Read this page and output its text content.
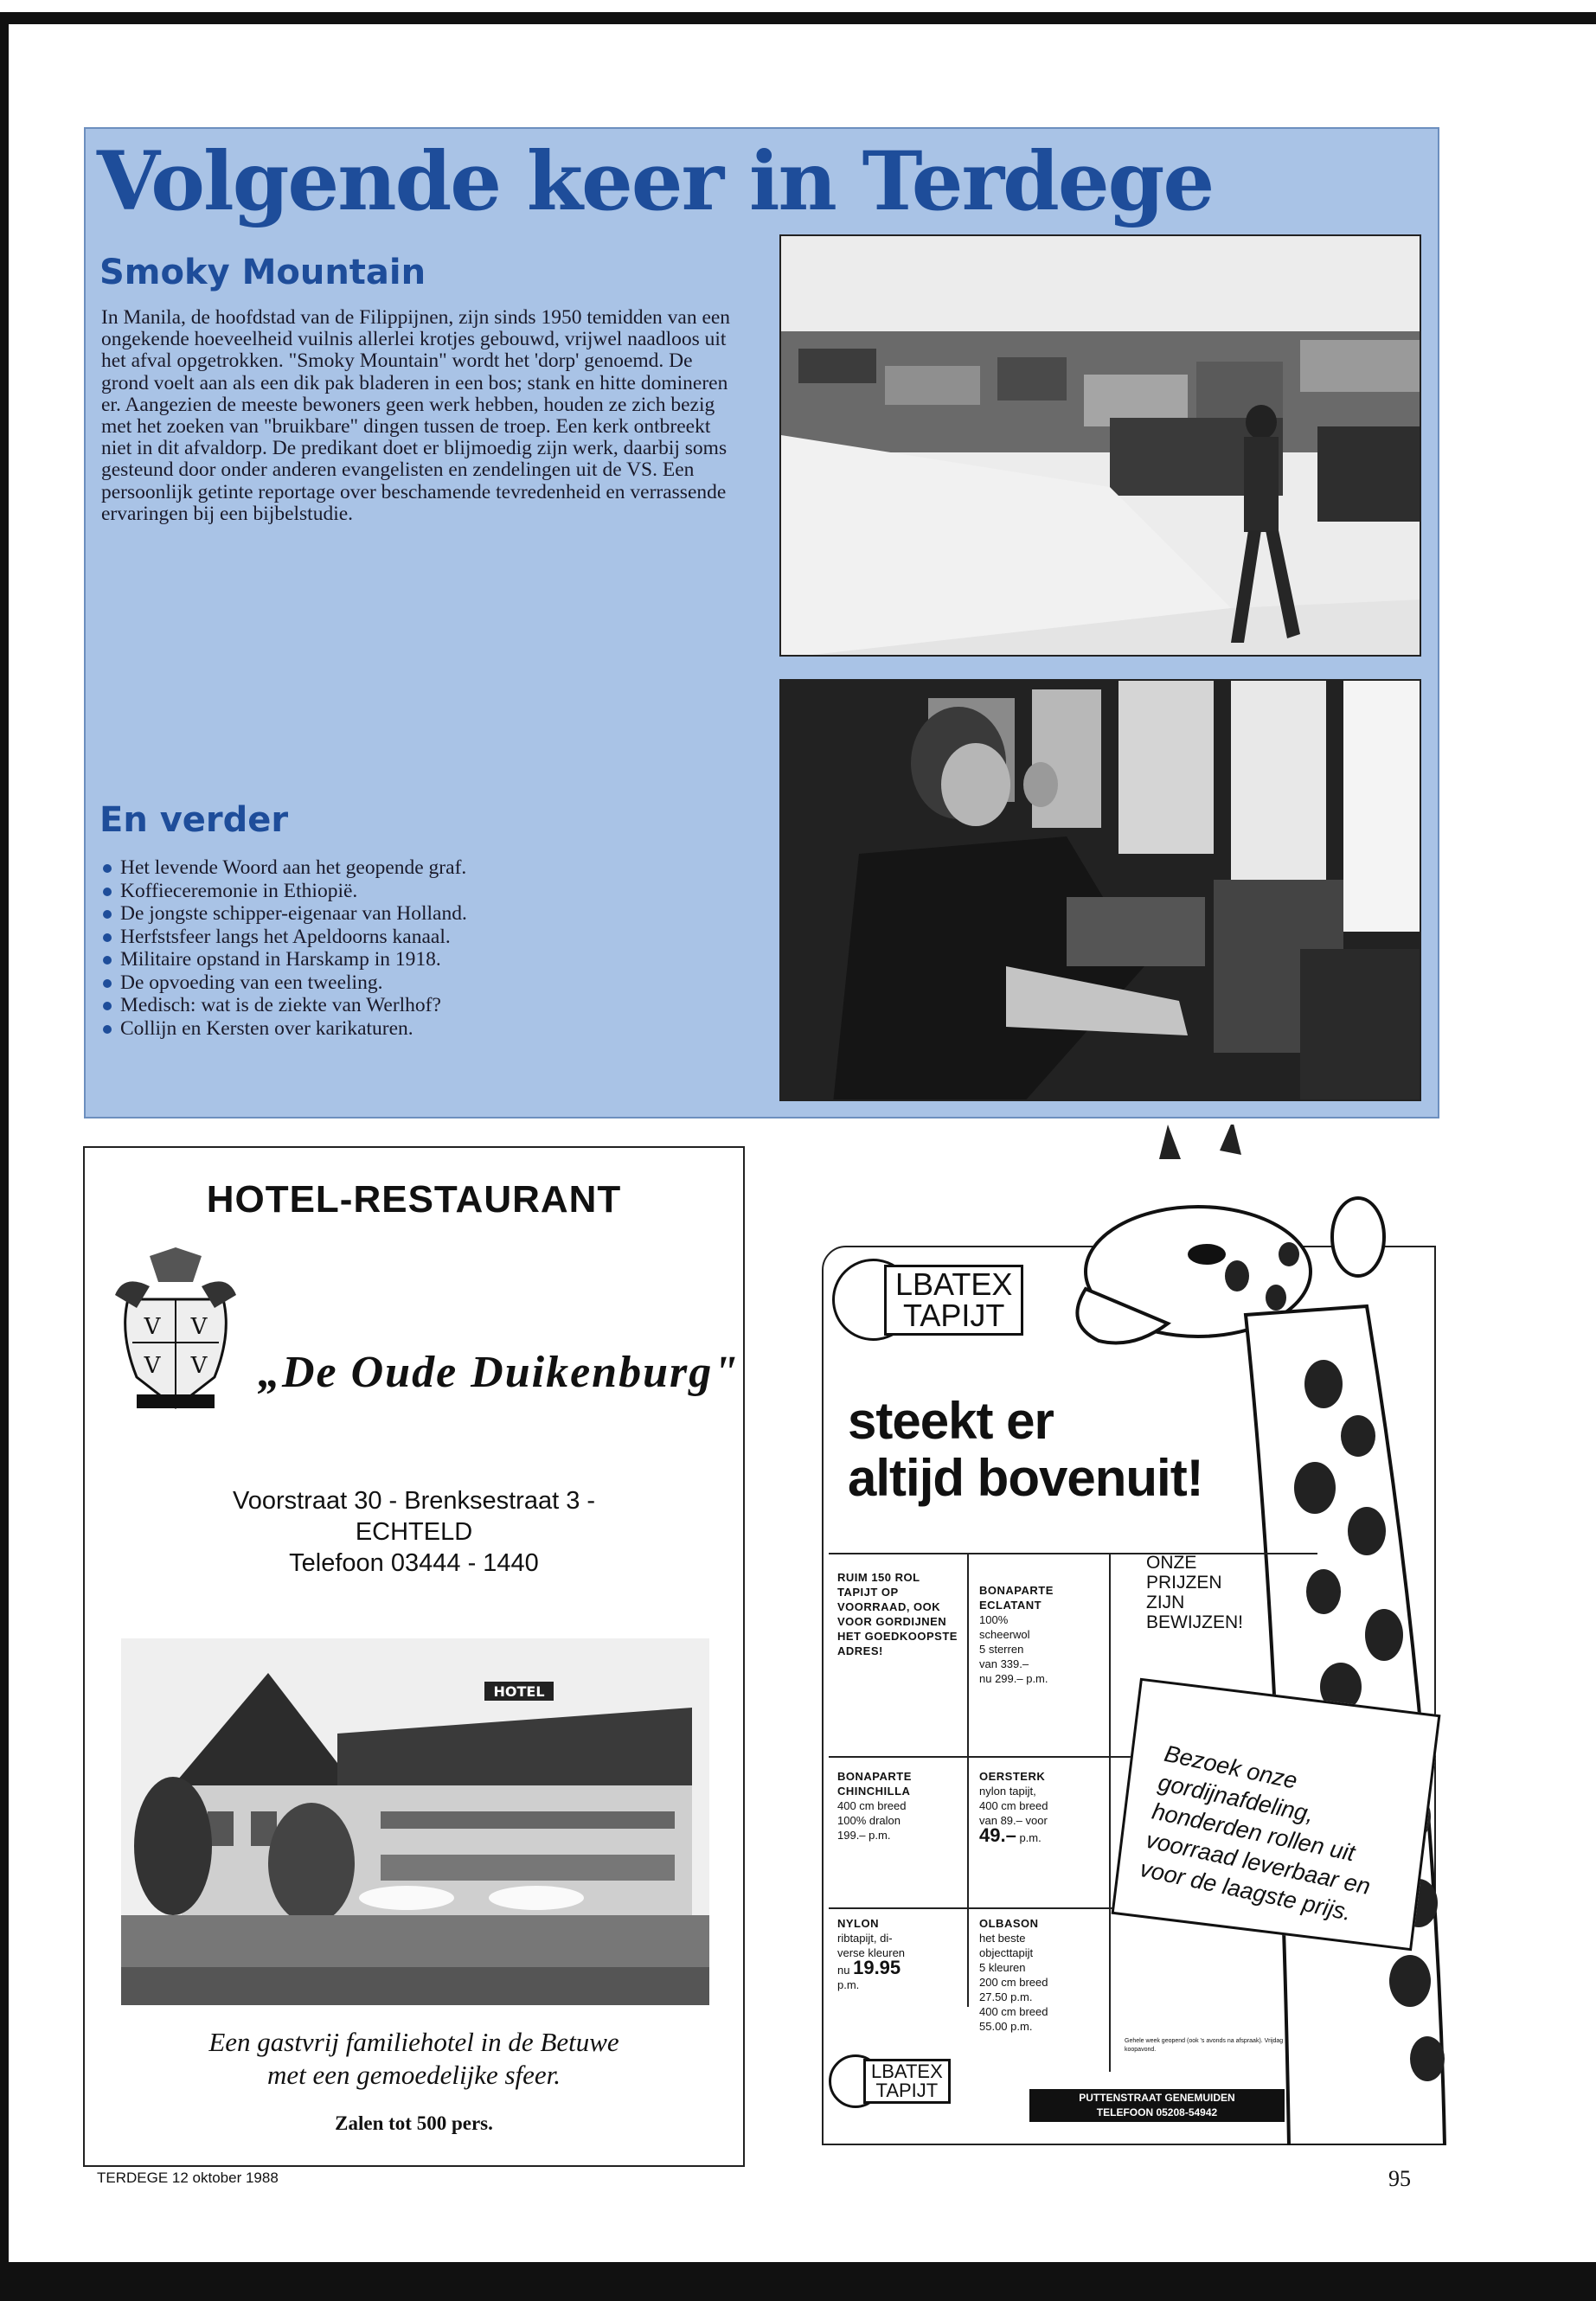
Volgende keer in Terdege
Smoky Mountain

In Manila, de hoofdstad van de Filippijnen, zijn sinds 1950 temidden van een ongekende hoeveelheid vuilnis allerlei krotjes gebouwd, vrijwel naadloos uit het afval opgetrokken. "Smoky Mountain" wordt het 'dorp' genoemd. De grond voelt aan als een dik pak bladeren in een bos; stank en hitte domineren er. Aangezien de meeste bewoners geen werk hebben, houden ze zich bezig met het zoeken van "bruikbare" dingen tussen de troep. Een kerk ontbreekt niet in dit afvaldorp. De predikant doet er blijmoedig zijn werk, daarbij soms gesteund door onder anderen evangelisten en zendelingen uit de VS. Een persoonlijk getinte reportage over beschamende tevredenheid en verrassende ervaringen bij een bijbelstudie.

En verder
Het levende Woord aan het geopende graf.
Koffieceremonie in Ethiopië.
De jongste schipper-eigenaar van Holland.
Herfstsfeer langs het Apeldoorns kanaal.
Militaire opstand in Harskamp in 1918.
De opvoeding van een tweeling.
Medisch: wat is de ziekte van Werlhof?
Collijn en Kersten over karikaturen.
HOTEL-RESTAURANT
V V
V V „De Oude Duikenburg"
Voorstraat 30 - Brenksestraat 3 -
ECHTELD
Telefoon 03444 - 1440
HOTEL
Een gastvrij familiehotel in de Betuwe
met een gemoedelijke sfeer.
Zalen tot 500 pers.
LBATEX
TAPIJT
steekt er
altijd bovenuit!
RUIM 150 ROL TAPIJT OP VOORRAAD, OOK VOOR GORDIJNEN HET GOEDKOOPSTE ADRES!
BONAPARTE ECLATANT
100%
scheerwol
5 sterren
van 339.–
nu 299.– p.m.
BONAPARTE CHINCHILLA
400 cm breed
100% dralon
199.– p.m.
OERSTERK
nylon tapijt,
400 cm breed
van 89.– voor
49.– p.m.
NYLON
ribtapijt, di-
verse kleuren
nu 19.95
p.m.
OLBASON
het beste
objecttapijt
5 kleuren
200 cm breed
27.50 p.m.
400 cm breed
55.00 p.m.
ONZE
PRIJZEN
ZIJN
BEWIJZEN!
Bezoek onze gordijnafdeling, honderden rollen uit voorraad leverbaar en voor de laagste prijs.
Gehele week geopend (ook 's avonds na afspraak). Vrijdag koopavond.
LBATEX
TAPIJT	PUTTENSTRAAT GENEMUIDEN
TELEFOON 05208-54942
TERDEGE 12 oktober 1988	95
